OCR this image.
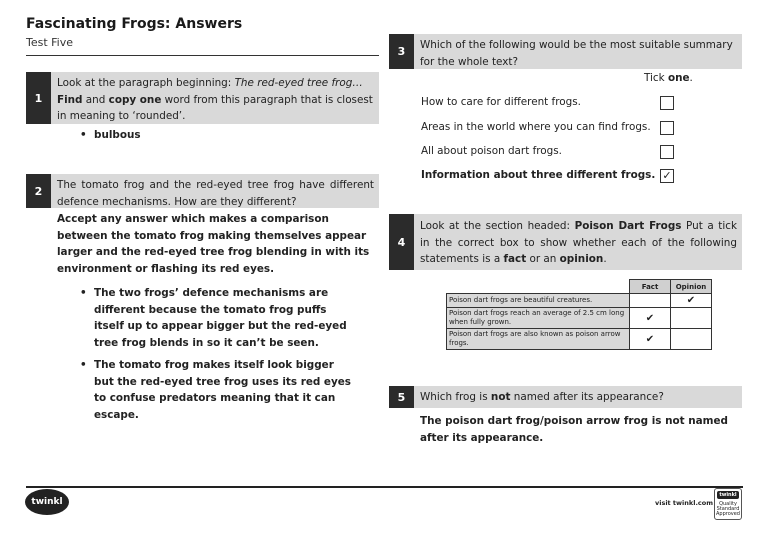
Fascinating Frogs: Answers
Test Five
1
Look at the paragraph beginning: The red-eyed tree frog… Find and copy one word from this paragraph that is closest in meaning to ‘rounded’.
• bulbous
2	The tomato frog and the red-eyed tree frog have different defence mechanisms. How are they different?
Accept any answer which makes a comparison between the tomato frog making themselves appear larger and the red-eyed tree frog blending in with its environment or flashing its red eyes.
• The two frogs’ defence mechanisms are different because the tomato frog puffs itself up to appear bigger but the red-eyed tree frog blends in so it can’t be seen.
• The tomato frog makes itself look bigger but the red-eyed tree frog uses its red eyes to confuse predators meaning that it can escape.
3	Which of the following would be the most suitable summary for the whole text?
Tick one.
How to care for different frogs.
Areas in the world where you can find frogs.
All about poison dart frogs.
Information about three different frogs. ✓
4
Look at the section headed: Poison Dart Frogs Put a tick in the correct box to show whether each of the following statements is a fact or an opinion.
	Fact	Opinion
Poison dart frogs are beautiful creatures.		✔
Poison dart frogs reach an average of 2.5 cm long when fully grown.	✔	
Poison dart frogs are also known as poison arrow frogs.	✔	
5	Which frog is not named after its appearance?
The poison dart frog/poison arrow frog is not named after its appearance.
twinkl	visit twinkl.com
twinkl
Quality Standard Approved
